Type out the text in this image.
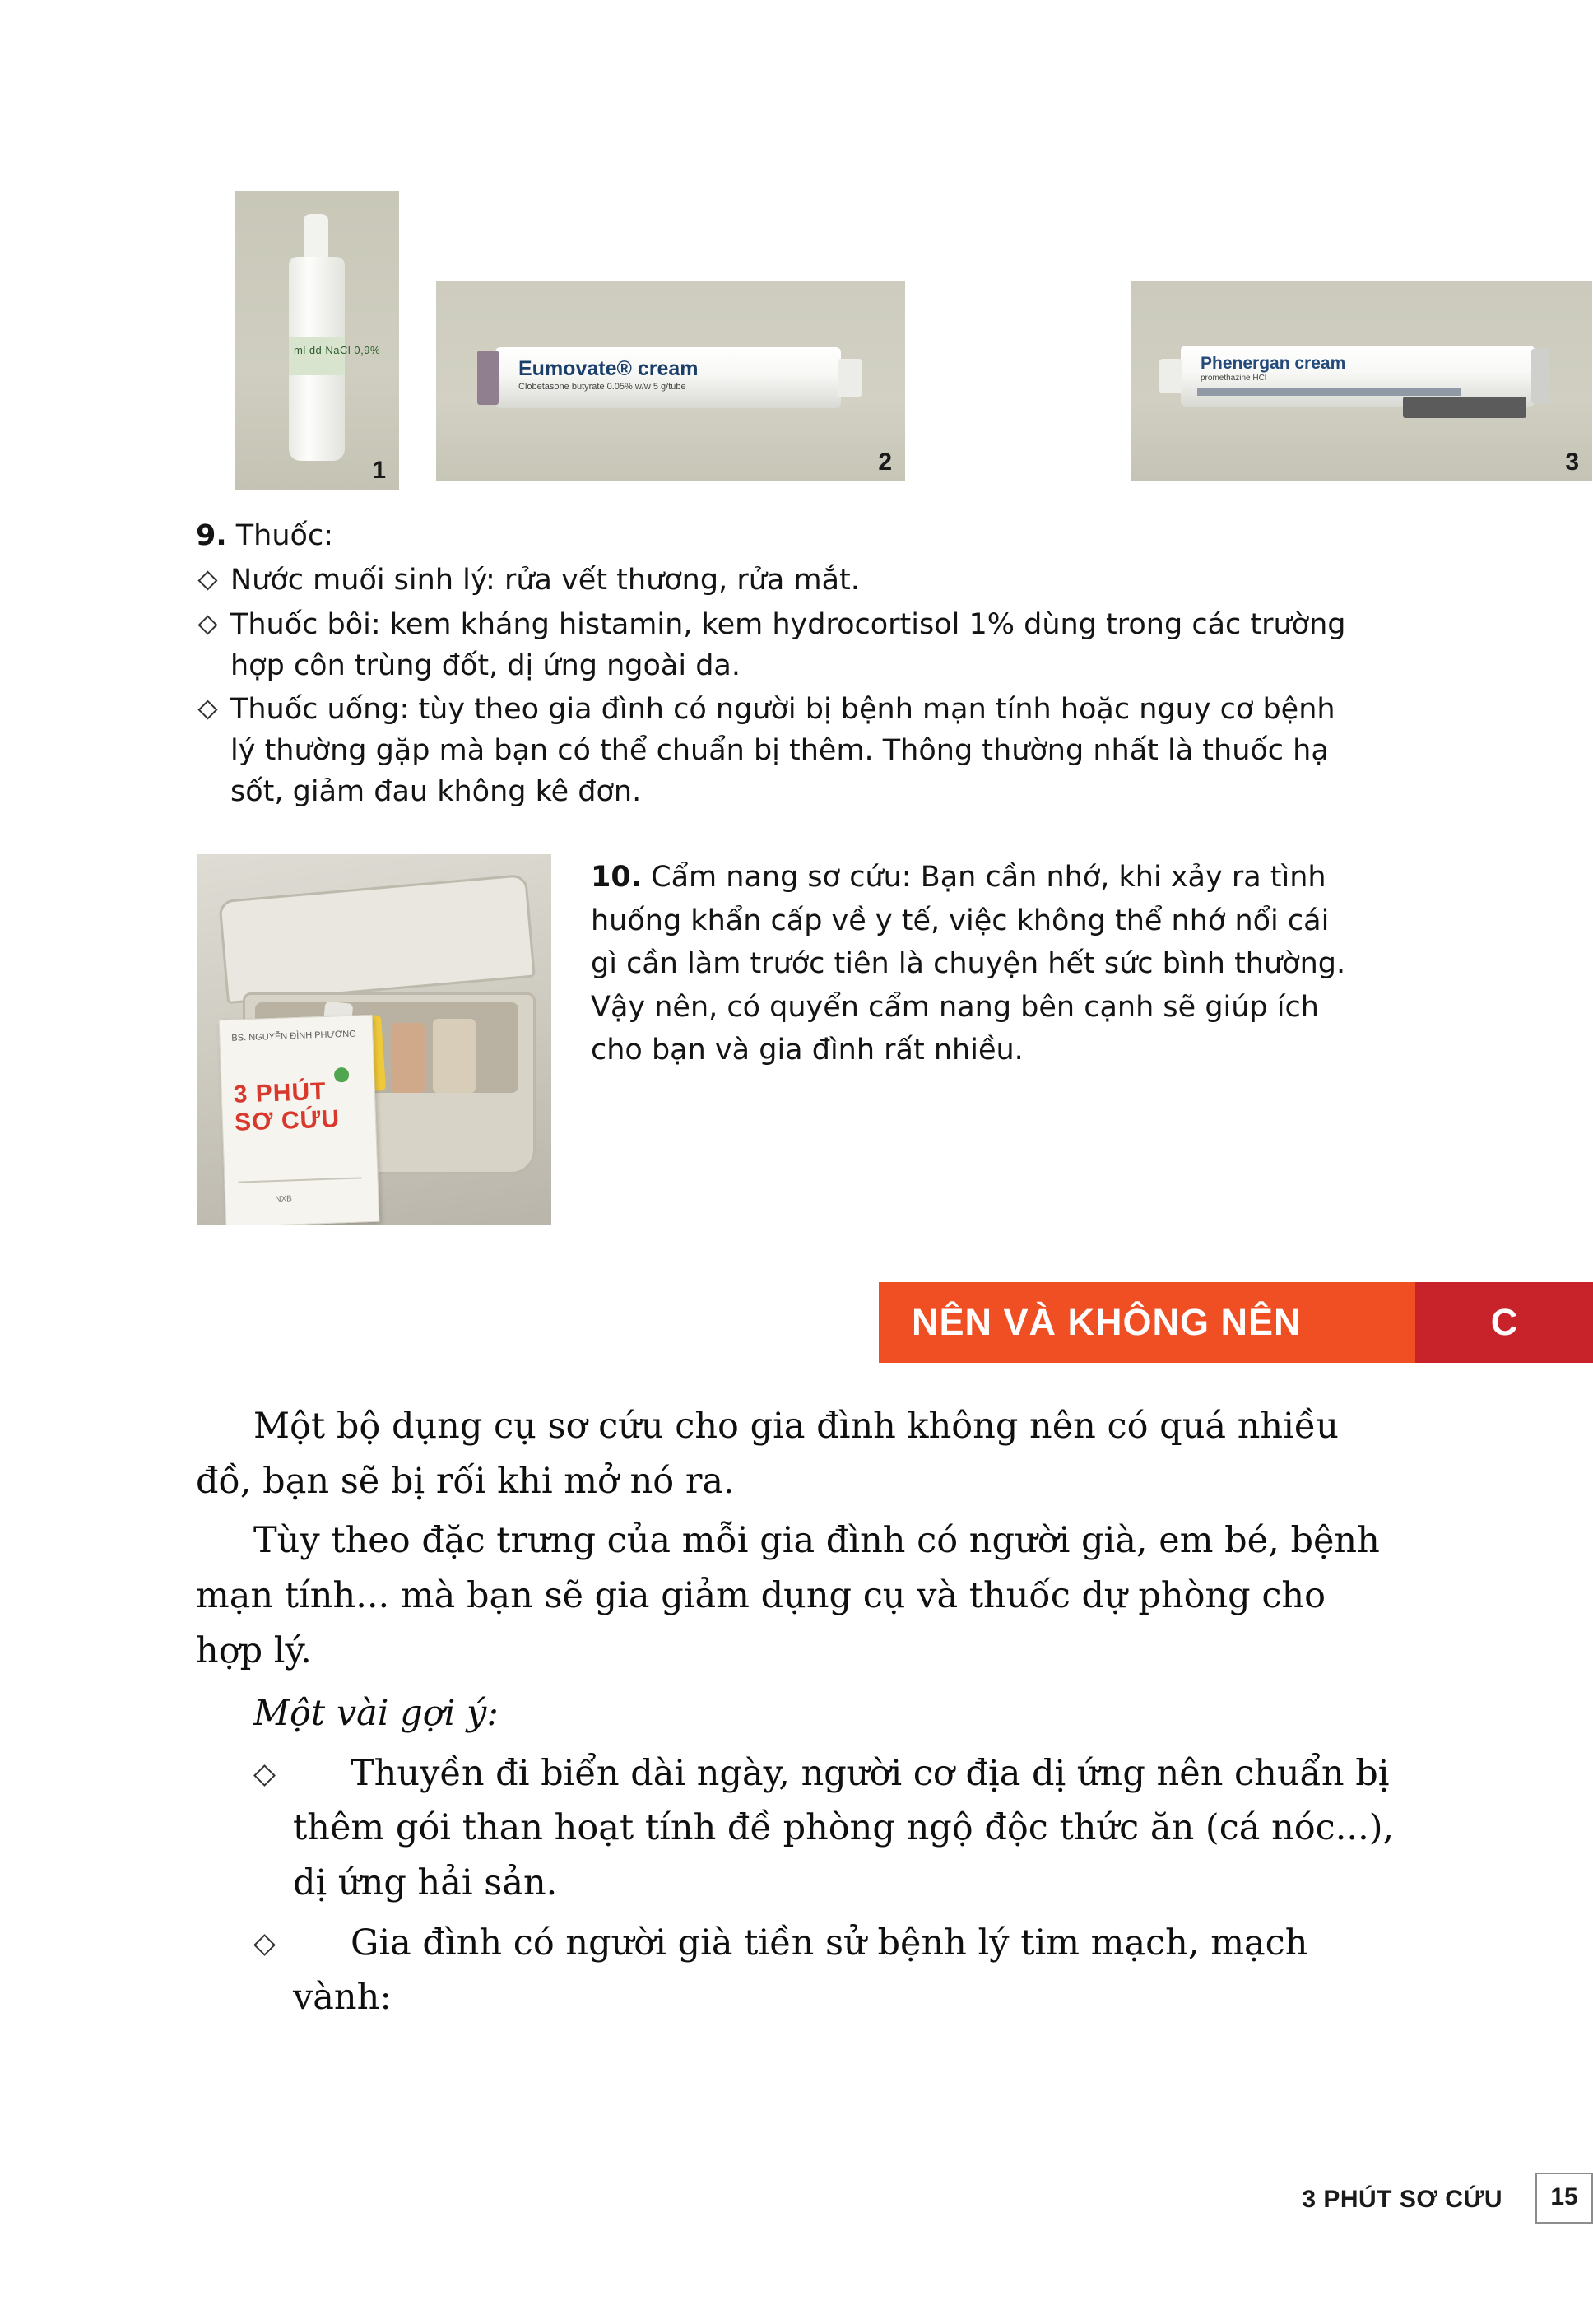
ml dd NaCl 0,9%
1
Eumovate® cream
Clobetasone butyrate 0.05% w/w 5 g/tube
2
Phenergan cream
promethazine HCl
3
9. Thuốc:
Nước muối sinh lý: rửa vết thương, rửa mắt.
Thuốc bôi: kem kháng histamin, kem hydrocortisol 1% dùng trong các trường hợp côn trùng đốt, dị ứng ngoài da.
Thuốc uống: tùy theo gia đình có người bị bệnh mạn tính hoặc nguy cơ bệnh lý thường gặp mà bạn có thể chuẩn bị thêm. Thông thường nhất là thuốc hạ sốt, giảm đau không kê đơn.
BS. NGUYỄN ĐÌNH PHƯƠNG
3 PHÚT
SƠ CỨU
NXB
10. Cẩm nang sơ cứu: Bạn cần nhớ, khi xảy ra tình huống khẩn cấp về y tế, việc không thể nhớ nổi cái gì cần làm trước tiên là chuyện hết sức bình thường. Vậy nên, có quyển cẩm nang bên cạnh sẽ giúp ích cho bạn và gia đình rất nhiều.
NÊN VÀ KHÔNG NÊN	C

Một bộ dụng cụ sơ cứu cho gia đình không nên có quá nhiều đồ, bạn sẽ bị rối khi mở nó ra.

Tùy theo đặc trưng của mỗi gia đình có người già, em bé, bệnh mạn tính... mà bạn sẽ gia giảm dụng cụ và thuốc dự phòng cho hợp lý.

Một vài gợi ý:

Thuyền đi biển dài ngày, người cơ địa dị ứng nên chuẩn bị thêm gói than hoạt tính đề phòng ngộ độc thức ăn (cá nóc...), dị ứng hải sản.

Gia đình có người già tiền sử bệnh lý tim mạch, mạch vành:

3 PHÚT SƠ CỨU	15
